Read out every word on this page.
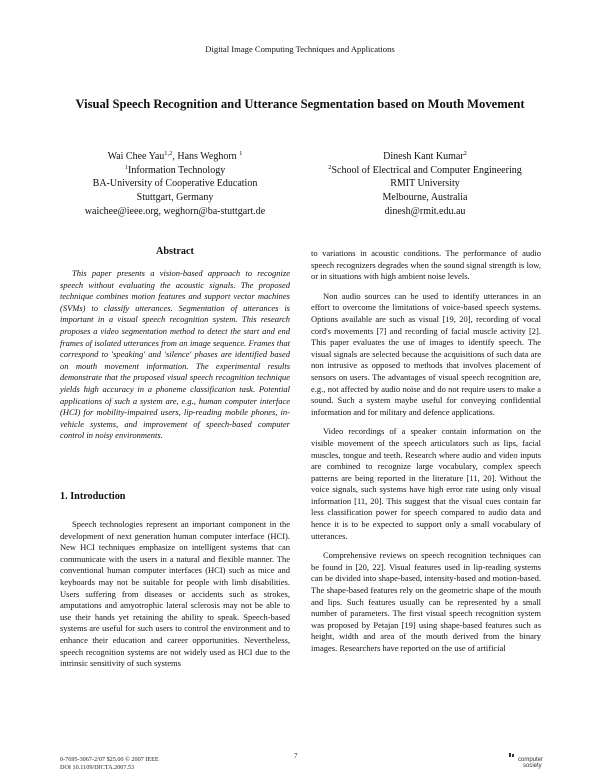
Digital Image Computing Techniques and Applications
Visual Speech Recognition and Utterance Segmentation based on Mouth Movement
Wai Chee Yau$^{1,2}$, Hans Weghorn $^1$
$^1$Information Technology
BA-University of Cooperative Education
Stuttgart, Germany
waichee@ieee.org, weghorn@ba-stuttgart.de
Dinesh Kant Kumar$^2$
$^2$School of Electrical and Computer Engineering
RMIT University
Melbourne, Australia
dinesh@rmit.edu.au
Abstract

This paper presents a vision-based approach to recognize speech without evaluating the acoustic signals. The proposed technique combines motion features and support vector machines (SVMs) to classify utterances. Segmentation of utterances is important in a visual speech recognition system. This research proposes a video segmentation method to detect the start and end frames of isolated utterances from an image sequence. Frames that correspond to 'speaking' and 'silence' phases are identified based on mouth movement information. The experimental results demonstrate that the proposed visual speech recognition technique yields high accuracy in a phoneme classification task. Potential applications of such a system are, e.g., human computer interface (HCI) for mobility-impaired users, lip-reading mobile phones, in-vehicle systems, and improvement of speech-based computer control in noisy environments.

1. Introduction

Speech technologies represent an important component in the development of next generation human computer interface (HCI). New HCI techniques emphasize on intelligent systems that can communicate with the users in a natural and flexible manner. The conventional human computer interfaces (HCI) such as mice and keyboards may not be suitable for people with limb disabilities. Users suffering from diseases or accidents such as strokes, amputations and amyotrophic lateral sclerosis may not be able to use their hands yet retaining the ability to speak. Speech-based systems are useful for such users to control the environment and to enhance their education and career opportunities. Nevertheless, speech recognition systems are not widely used as HCI due to the intrinsic sensitivity of such systems

to variations in acoustic conditions. The performance of audio speech recognizers degrades when the sound signal strength is low, or in situations with high ambient noise levels.

Non audio sources can be used to identify utterances in an effort to overcome the limitations of voice-based speech systems. Options available are such as visual [19, 20], recording of vocal cord's movements [7] and recording of facial muscle activity [2]. This paper evaluates the use of images to identify speech. The visual signals are selected because the acquisitions of such data are non intrusive as opposed to methods that involves placement of sensors on users. The advantages of visual speech recognition are, e.g., not affected by audio noise and do not require users to make a sound. Such a system maybe useful for conveying confidential information and for military and defence applications.

Video recordings of a speaker contain information on the visible movement of the speech articulators such as lips, facial muscles, tongue and teeth. Research where audio and video inputs are combined to recognize large vocabulary, complex speech patterns are being reported in the literature [11, 20]. Without the voice signals, such systems have high error rate using only visual information [11, 20]. This suggest that the visual cues contain far less classification power for speech compared to audio data and hence it is to be expected to support only a small vocabulary of utterances.

Comprehensive reviews on speech recognition techniques can be found in [20, 22]. Visual features used in lip-reading systems can be divided into shape-based, intensity-based and motion-based. The shape-based features rely on the geometric shape of the mouth and lips. Such features usually can be represented by a small number of parameters. The first visual speech recognition system was proposed by Petajan [19] using shape-based features such as height, width and area of the mouth derived from the binary images. Researchers have reported on the use of artificial

0-7695-3067-2/07 $25.00 © 2007 IEEE
DOI 10.1109/DICTA.2007.53
7	computer
society
